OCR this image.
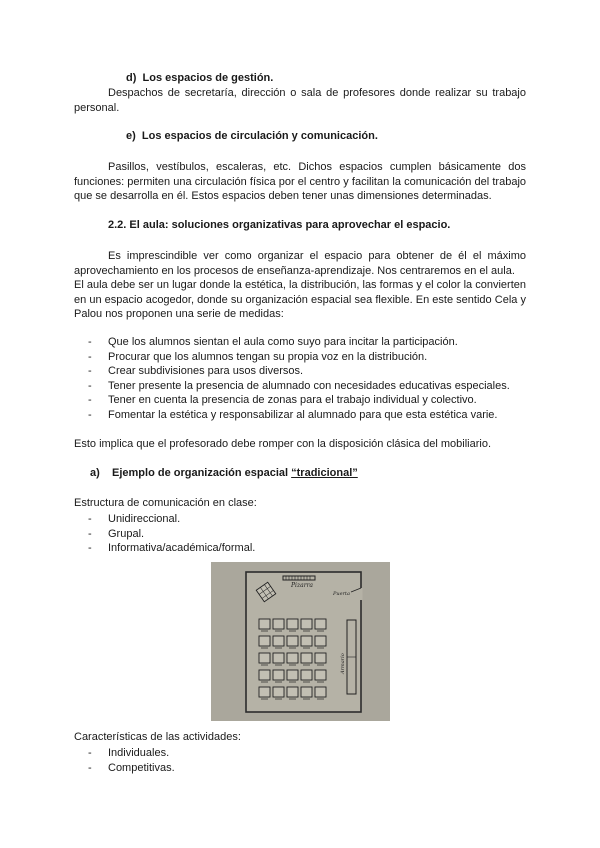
d) Los espacios de gestión.
Despachos de secretaría, dirección o sala de profesores donde realizar su trabajo personal.
e) Los espacios de circulación y comunicación.
Pasillos, vestíbulos, escaleras, etc. Dichos espacios cumplen básicamente dos funciones: permiten una circulación física por el centro y facilitan la comunicación del trabajo que se desarrolla en él. Estos espacios deben tener unas dimensiones determinadas.
2.2. El aula: soluciones organizativas para aprovechar el espacio.
Es imprescindible ver como organizar el espacio para obtener de él el máximo aprovechamiento en los procesos de enseñanza-aprendizaje. Nos centraremos en el aula.
El aula debe ser un lugar donde la estética, la distribución, las formas y el color la convierten en un espacio acogedor, donde su organización espacial sea flexible. En este sentido Cela y Palou nos proponen una serie de medidas:
- Que los alumnos sientan el aula como suyo para incitar la participación.
- Procurar que los alumnos tengan su propia voz en la distribución.
- Crear subdivisiones para usos diversos.
- Tener presente la presencia de alumnado con necesidades educativas especiales.
- Tener en cuenta la presencia de zonas para el trabajo individual y colectivo.
- Fomentar la estética y responsabilizar al alumnado para que esta estética varie.
Esto implica que el profesorado debe romper con la disposición clásica del mobiliario.
a) Ejemplo de organización espacial “tradicional”
Estructura de comunicación en clase:
- Unidireccional.
- Grupal.
- Informativa/académica/formal.
Pizarra
Puerta
Armario
Características de las actividades:
- Individuales.
- Competitivas.
